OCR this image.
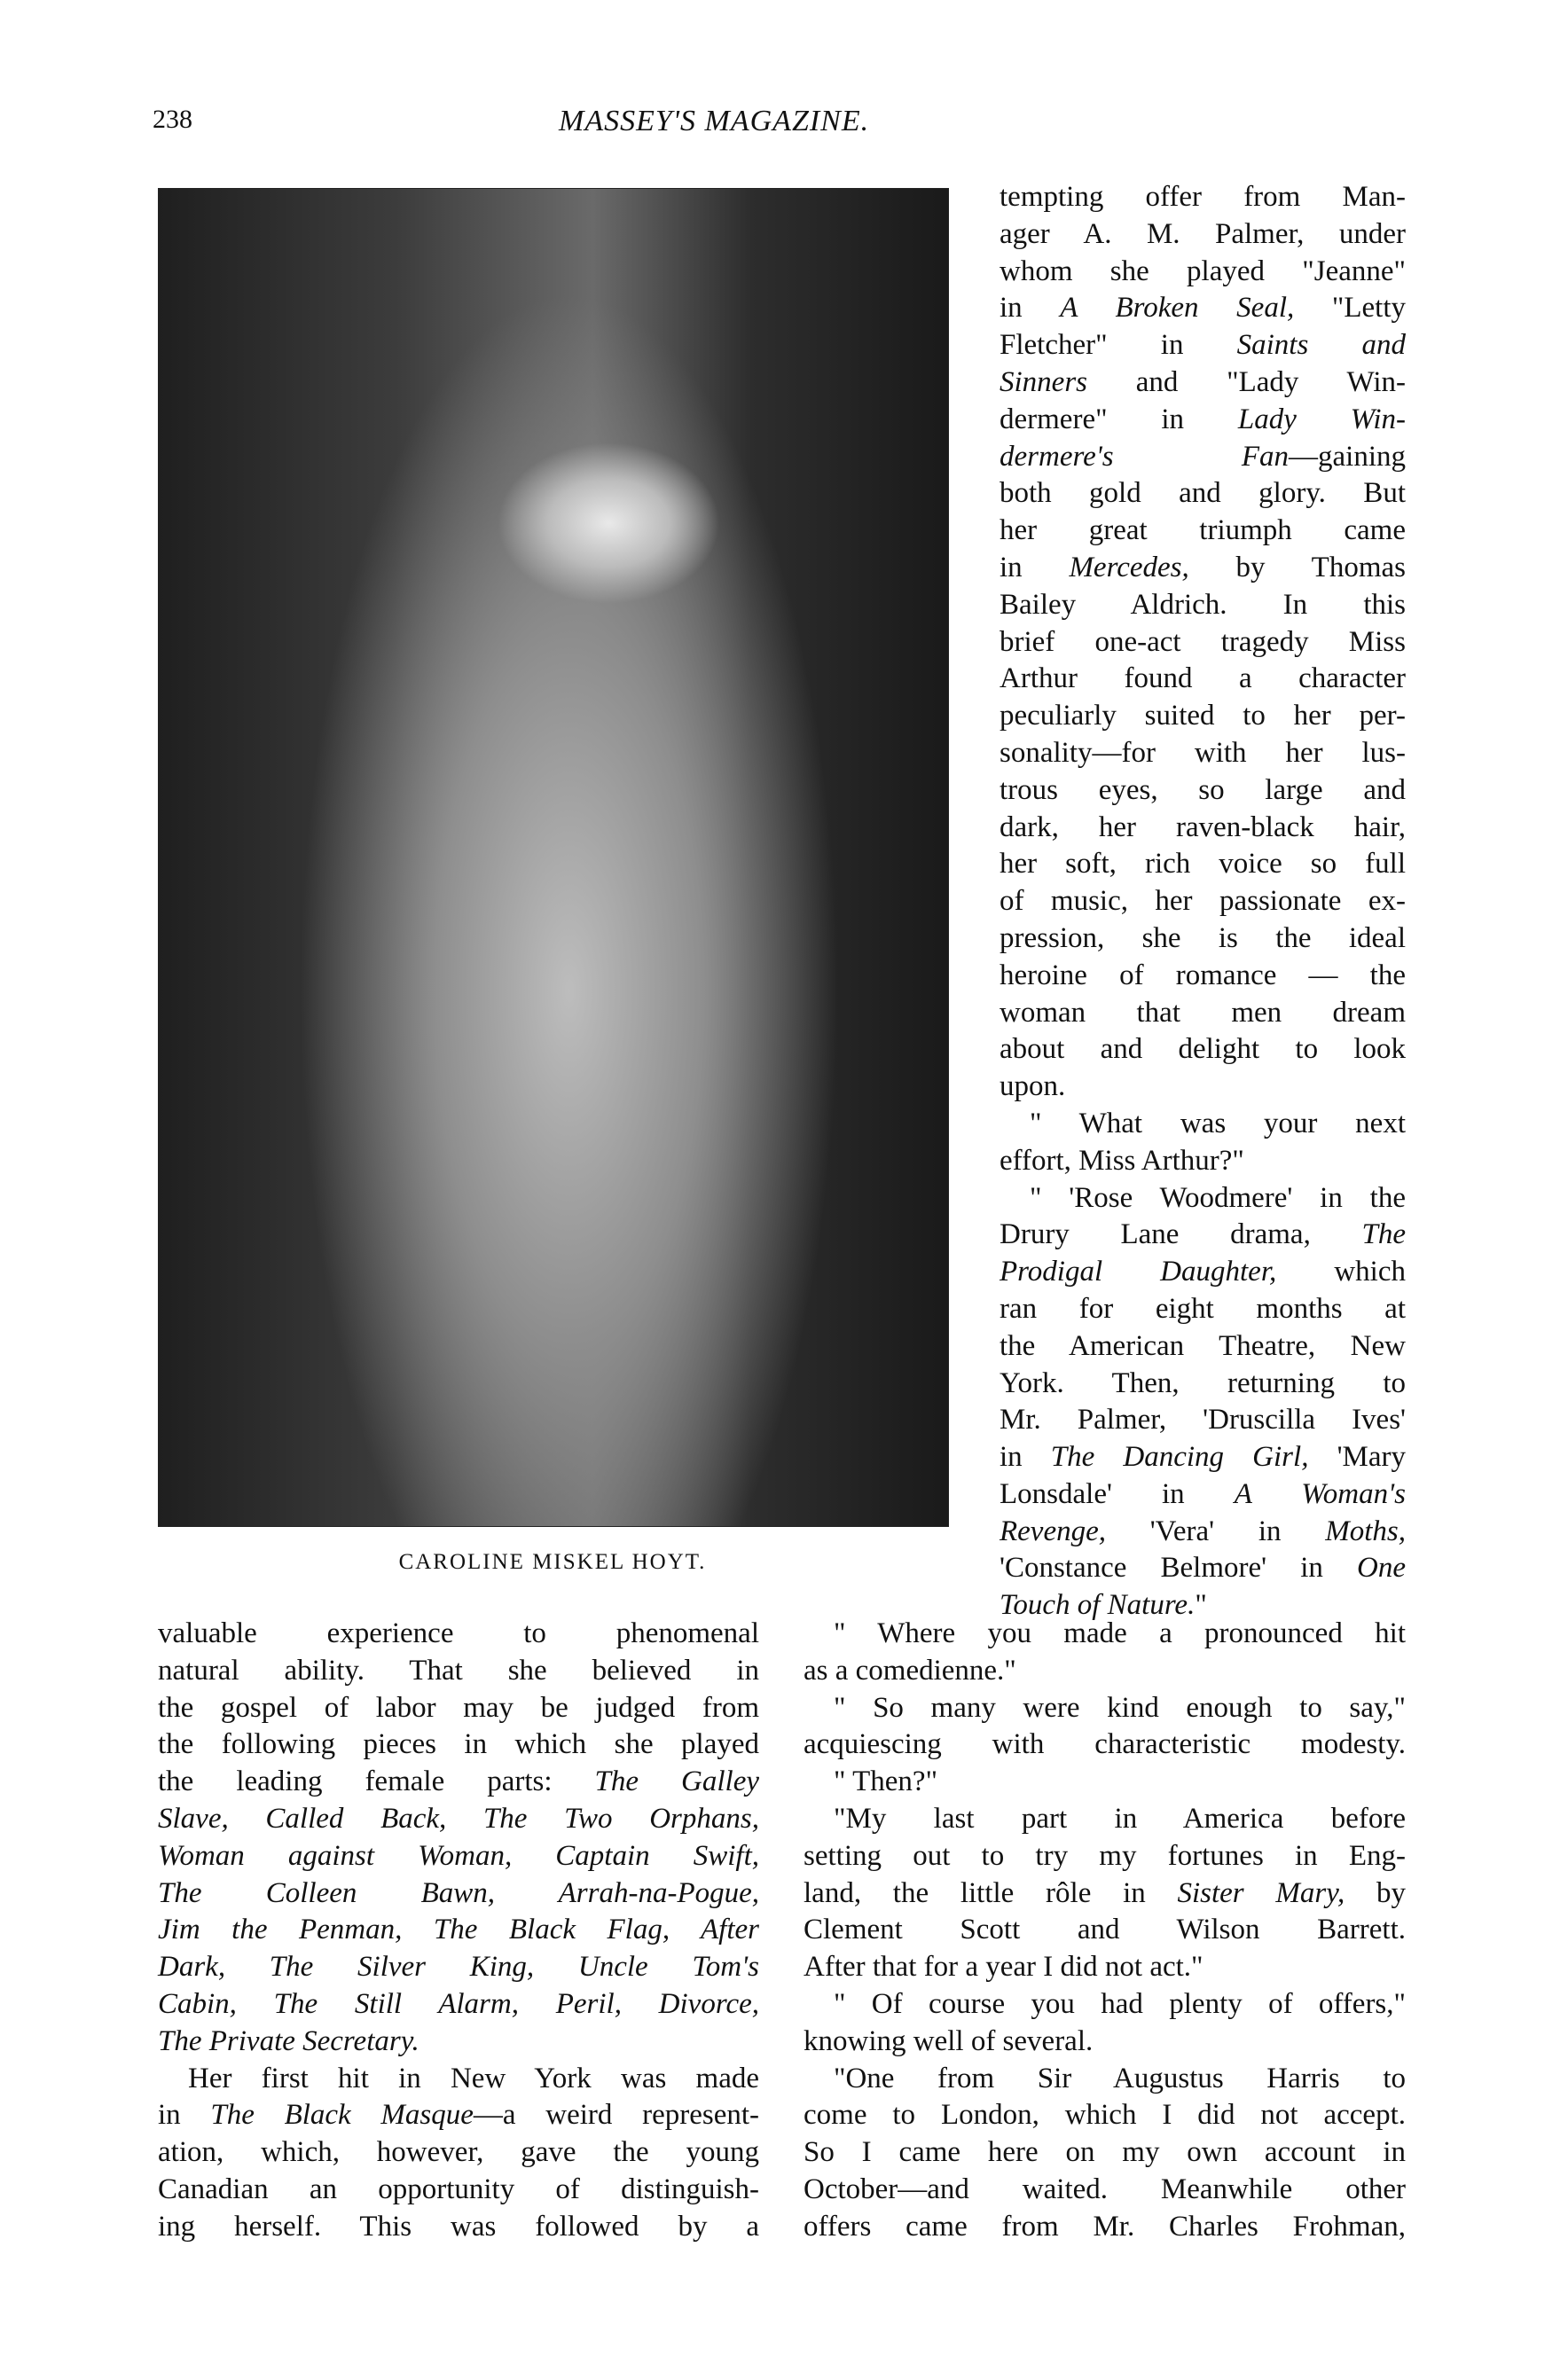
238	MASSEY'S MAGAZINE.
CAROLINE MISKEL HOYT.
tempting offer from Man-
ager A. M. Palmer, under
whom she played "Jeanne"
in A Broken Seal, "Letty
Fletcher" in Saints and
Sinners and "Lady Win-
dermere" in Lady Win-
dermere's Fan—gaining
both gold and glory. But
her great triumph came
in Mercedes, by Thomas
Bailey Aldrich. In this
brief one-act tragedy Miss
Arthur found a character
peculiarly suited to her per-
sonality—for with her lus-
trous eyes, so large and
dark, her raven-black hair,
her soft, rich voice so full
of music, her passionate ex-
pression, she is the ideal
heroine of romance — the
woman that men dream
about and delight to look
upon.
" What was your next
effort, Miss Arthur?"
" 'Rose Woodmere' in the
Drury Lane drama, The
Prodigal Daughter, which
ran for eight months at
the American Theatre, New
York. Then, returning to
Mr. Palmer, 'Druscilla Ives'
in The Dancing Girl, 'Mary
Lonsdale' in A Woman's
Revenge, 'Vera' in Moths,
'Constance Belmore' in One
Touch of Nature."
valuable experience to phenomenal
natural ability. That she believed in
the gospel of labor may be judged from
the following pieces in which she played
the leading female parts: The Galley
Slave, Called Back, The Two Orphans,
Woman against Woman, Captain Swift,
The Colleen Bawn, Arrah-na-Pogue,
Jim the Penman, The Black Flag, After
Dark, The Silver King, Uncle Tom's
Cabin, The Still Alarm, Peril, Divorce,
The Private Secretary.
Her first hit in New York was made
in The Black Masque—a weird represent-
ation, which, however, gave the young
Canadian an opportunity of distinguish-
ing herself. This was followed by a
" Where you made a pronounced hit
as a comedienne."
" So many were kind enough to say,"
acquiescing with characteristic modesty.
" Then?"
"My last part in America before
setting out to try my fortunes in Eng-
land, the little rôle in Sister Mary, by
Clement Scott and Wilson Barrett.
After that for a year I did not act."
" Of course you had plenty of offers,"
knowing well of several.
"One from Sir Augustus Harris to
come to London, which I did not accept.
So I came here on my own account in
October—and waited. Meanwhile other
offers came from Mr. Charles Frohman,
